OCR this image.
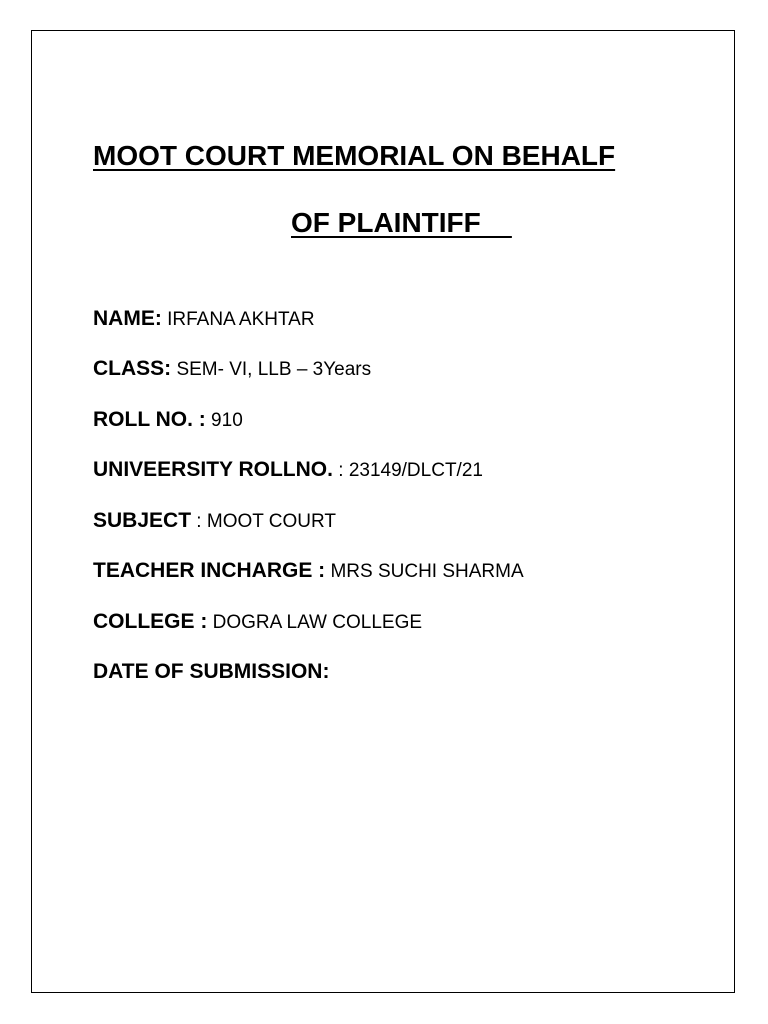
MOOT COURT MEMORIAL ON BEHALF
OF PLAINTIFF
NAME: IRFANA AKHTAR
CLASS: SEM- VI, LLB – 3Years
ROLL NO. : 910
UNIVEERSITY ROLLNO. : 23149/DLCT/21
SUBJECT : MOOT COURT
TEACHER INCHARGE : MRS SUCHI SHARMA
COLLEGE : DOGRA LAW COLLEGE
DATE OF SUBMISSION:
